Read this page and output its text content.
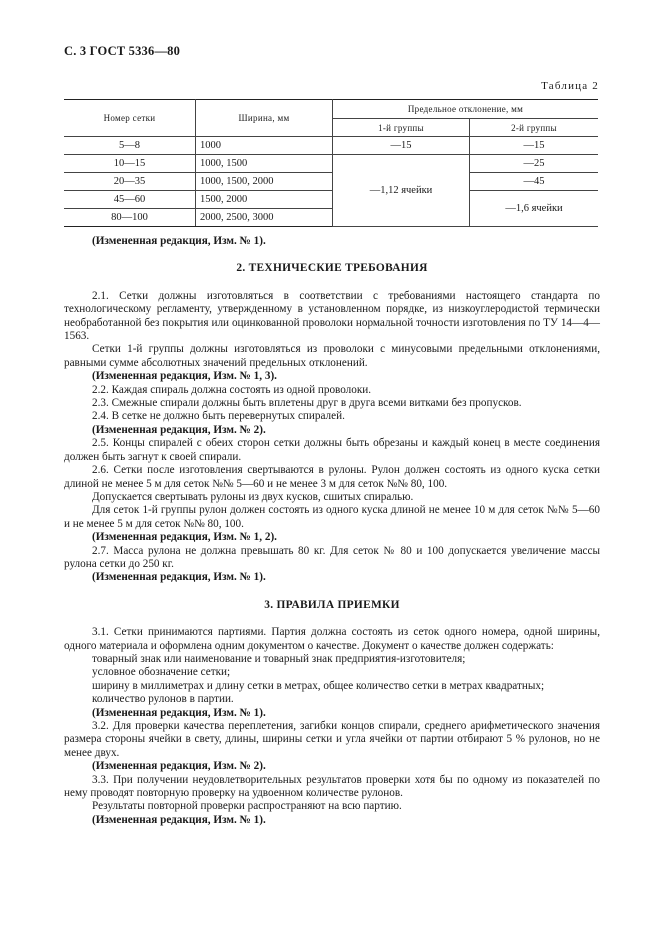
С. 3 ГОСТ 5336—80
Таблица 2
Номер сетки	Ширина, мм	Предельное отклонение, мм	
		1-й группы	2-й группы
5—8	1000	—15	—15
10—15	1000, 1500	—1,12 ячейки	—25
20—35	1000, 1500, 2000		—45
45—60	1500, 2000		—1,6 ячейки
80—100	2000, 2500, 3000		

(Измененная редакция, Изм. № 1).

2. ТЕХНИЧЕСКИЕ ТРЕБОВАНИЯ

2.1. Сетки должны изготовляться в соответствии с требованиями настоящего стандарта по технологическому регламенту, утвержденному в установленном порядке, из низкоуглеродистой термически необработанной без покрытия или оцинкованной проволоки нормальной точности изготовления по ТУ 14—4—1563.

Сетки 1-й группы должны изготовляться из проволоки с минусовыми предельными отклонениями, равными сумме абсолютных значений предельных отклонений.

(Измененная редакция, Изм. № 1, 3).

2.2. Каждая спираль должна состоять из одной проволоки.

2.3. Смежные спирали должны быть вплетены друг в друга всеми витками без пропусков.

2.4. В сетке не должно быть перевернутых спиралей.

(Измененная редакция, Изм. № 2).

2.5. Концы спиралей с обеих сторон сетки должны быть обрезаны и каждый конец в месте соединения должен быть загнут к своей спирали.

2.6. Сетки после изготовления свертываются в рулоны. Рулон должен состоять из одного куска сетки длиной не менее 5 м для сеток №№ 5—60 и не менее 3 м для сеток №№ 80, 100.

Допускается свертывать рулоны из двух кусков, сшитых спиралью.

Для сеток 1-й группы рулон должен состоять из одного куска длиной не менее 10 м для сеток №№ 5—60 и не менее 5 м для сеток №№ 80, 100.

(Измененная редакция, Изм. № 1, 2).

2.7. Масса рулона не должна превышать 80 кг. Для сеток № 80 и 100 допускается увеличение массы рулона сетки до 250 кг.

(Измененная редакция, Изм. № 1).

3. ПРАВИЛА ПРИЕМКИ

3.1. Сетки принимаются партиями. Партия должна состоять из сеток одного номера, одной ширины, одного материала и оформлена одним документом о качестве. Документ о качестве должен содержать:

товарный знак или наименование и товарный знак предприятия-изготовителя;

условное обозначение сетки;

ширину в миллиметрах и длину сетки в метрах, общее количество сетки в метрах квадратных;

количество рулонов в партии.

(Измененная редакция, Изм. № 1).

3.2. Для проверки качества переплетения, загибки концов спирали, среднего арифметического значения размера стороны ячейки в свету, длины, ширины сетки и угла ячейки от партии отбирают 5 % рулонов, но не менее двух.

(Измененная редакция, Изм. № 2).

3.3. При получении неудовлетворительных результатов проверки хотя бы по одному из показателей по нему проводят повторную проверку на удвоенном количестве рулонов.

Результаты повторной проверки распространяют на всю партию.

(Измененная редакция, Изм. № 1).
